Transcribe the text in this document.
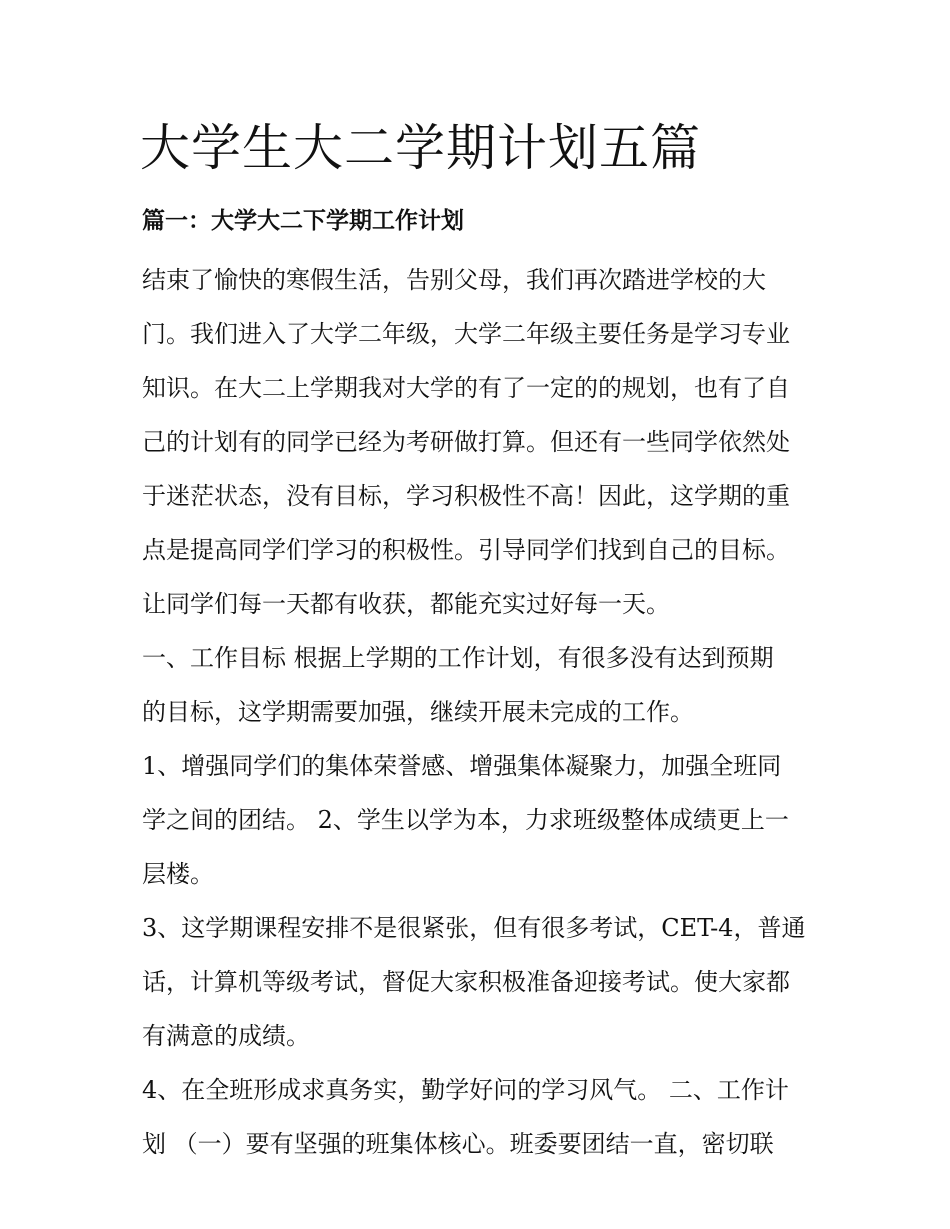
大学生大二学期计划五篇
篇一：大学大二下学期工作计划
结束了愉快的寒假生活，告别父母，我们再次踏进学校的大
门。我们进入了大学二年级，大学二年级主要任务是学习专业
知识。在大二上学期我对大学的有了一定的的规划，也有了自
己的计划有的同学已经为考研做打算。但还有一些同学依然处
于迷茫状态，没有目标，学习积极性不高！因此，这学期的重
点是提高同学们学习的积极性。引导同学们找到自己的目标。
让同学们每一天都有收获，都能充实过好每一天。
一、工作目标 根据上学期的工作计划，有很多没有达到预期
的目标，这学期需要加强，继续开展未完成的工作。
1、增强同学们的集体荣誉感、增强集体凝聚力，加强全班同
学之间的团结。 2、学生以学为本，力求班级整体成绩更上一
层楼。
3、这学期课程安排不是很紧张，但有很多考试，CET-4，普通
话，计算机等级考试，督促大家积极准备迎接考试。使大家都
有满意的成绩。
4、在全班形成求真务实，勤学好问的学习风气。 二、工作计
划 （一）要有坚强的班集体核心。班委要团结一直，密切联
